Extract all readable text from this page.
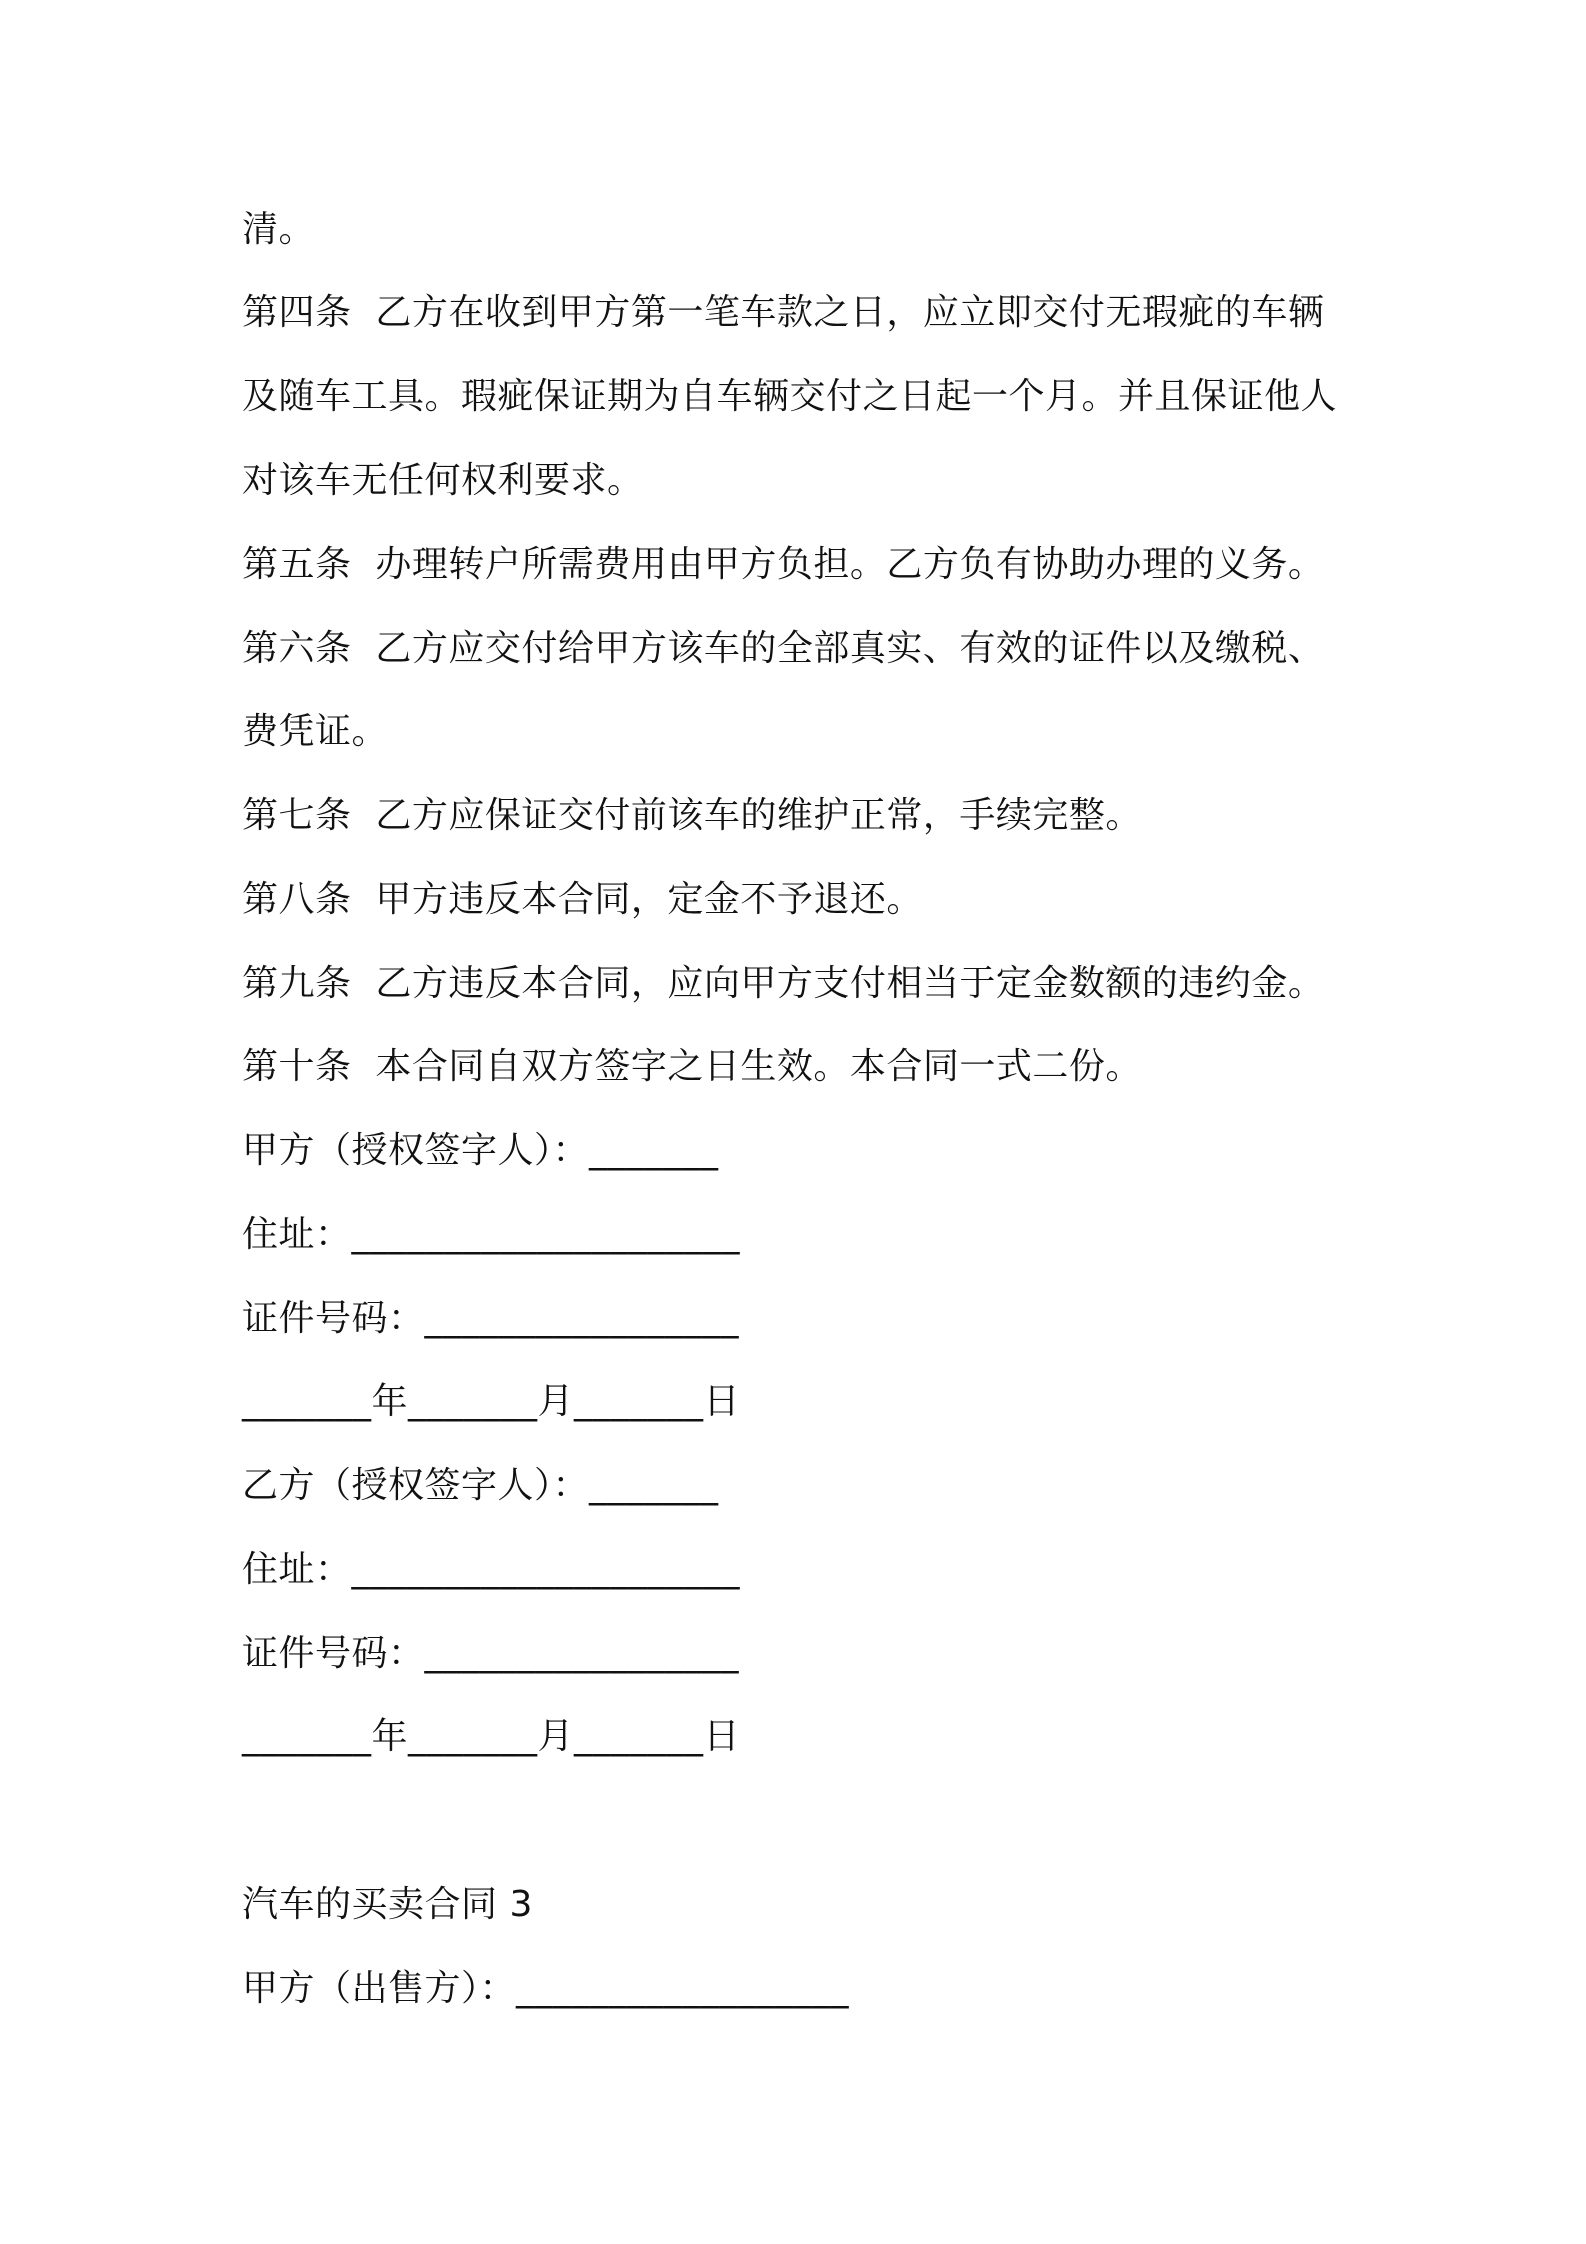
清。
第四条  乙方在收到甲方第一笔车款之日，应立即交付无瑕疵的车辆
及随车工具。瑕疵保证期为自车辆交付之日起一个月。并且保证他人
对该车无任何权利要求。
第五条  办理转户所需费用由甲方负担。乙方负有协助办理的义务。
第六条  乙方应交付给甲方该车的全部真实、有效的证件以及缴税、
费凭证。
第七条  乙方应保证交付前该车的维护正常，手续完整。
第八条  甲方违反本合同，定金不予退还。
第九条  乙方违反本合同，应向甲方支付相当于定金数额的违约金。
第十条  本合同自双方签字之日生效。本合同一式二份。
甲方（授权签字人）：_______
住址：_____________________
证件号码：_________________
_______年_______月_______日
乙方（授权签字人）：_______
住址：_____________________
证件号码：_________________
_______年_______月_______日
汽车的买卖合同 3
甲方（出售方）：__________________
